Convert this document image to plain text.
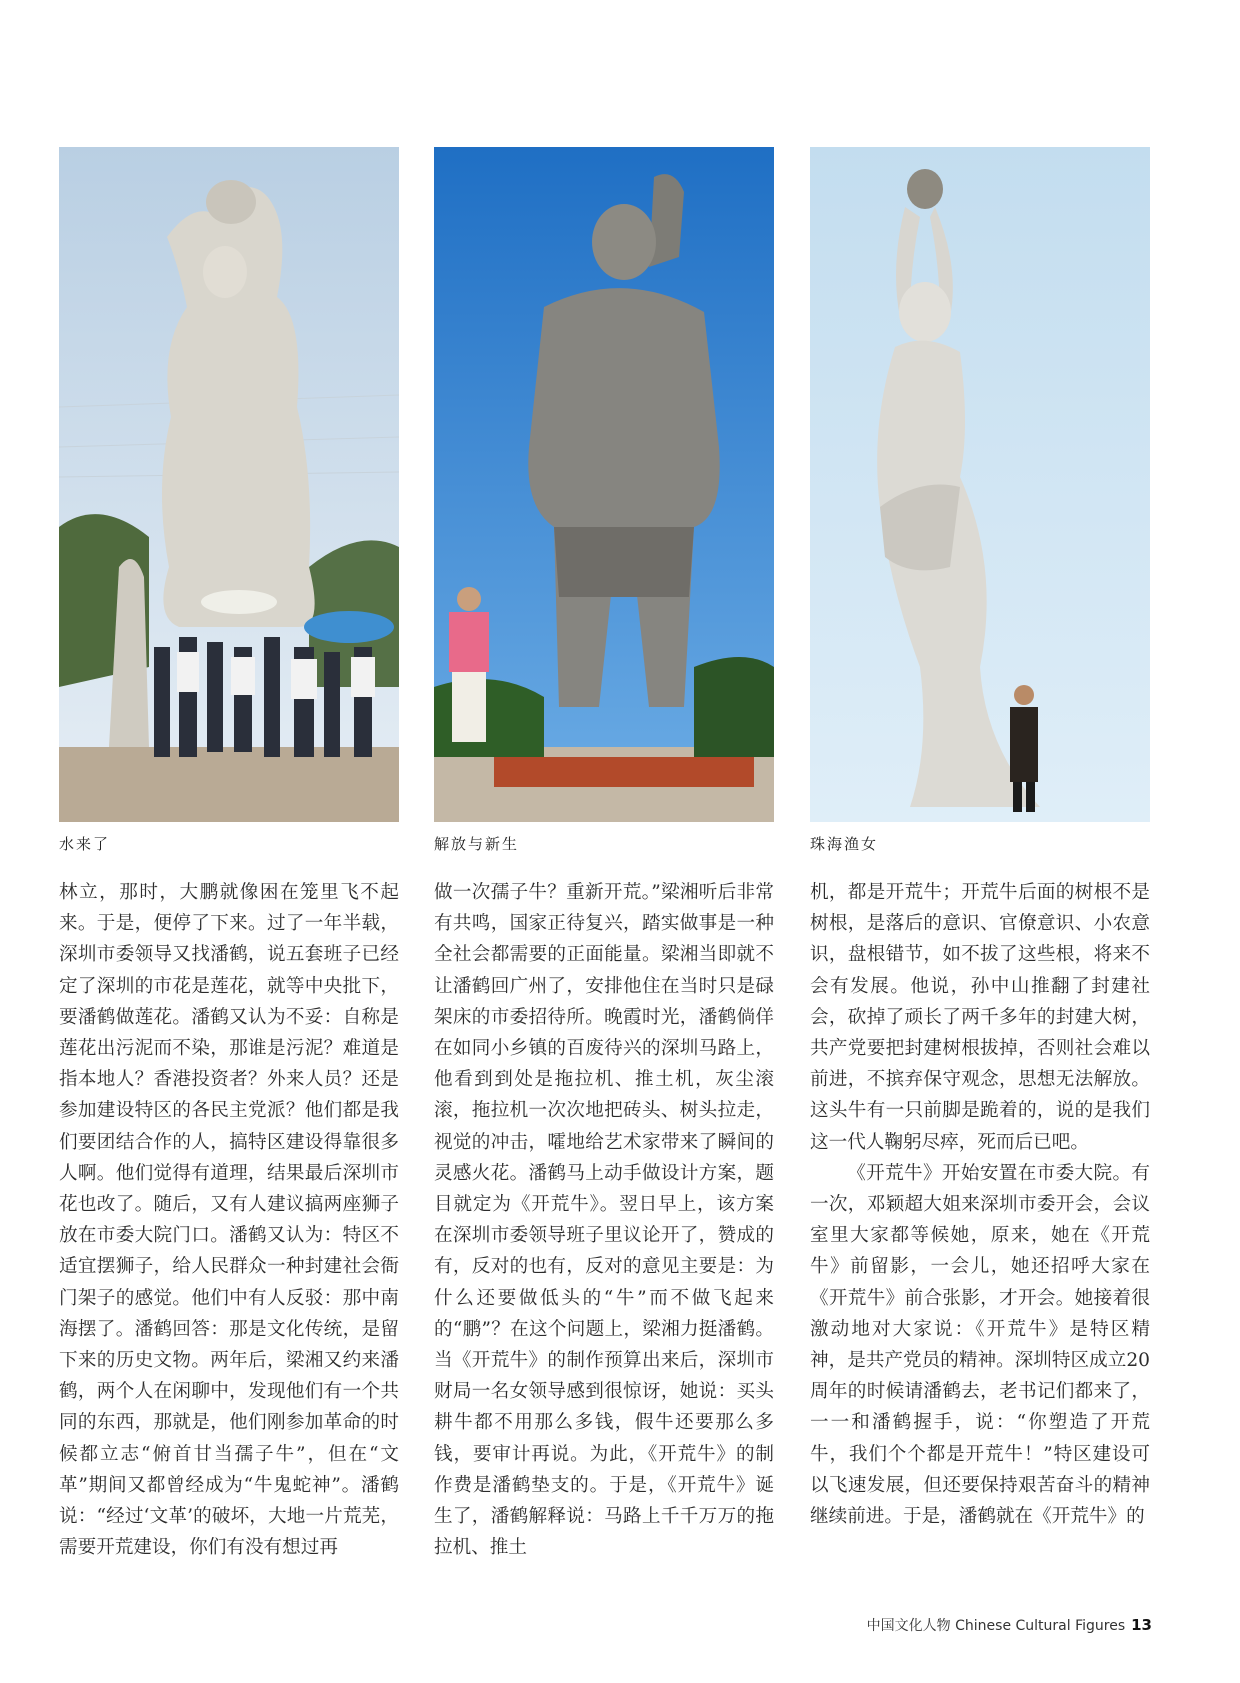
水来了	解放与新生	珠海渔女

林立，那时，大鹏就像困在笼里飞不起来。于是，便停了下来。过了一年半载，深圳市委领导又找潘鹤，说五套班子已经定了深圳的市花是莲花，就等中央批下，要潘鹤做莲花。潘鹤又认为不妥：自称是莲花出污泥而不染，那谁是污泥？难道是指本地人？香港投资者？外来人员？还是参加建设特区的各民主党派？他们都是我们要团结合作的人，搞特区建设得靠很多人啊。他们觉得有道理，结果最后深圳市花也改了。随后，又有人建议搞两座狮子放在市委大院门口。潘鹤又认为：特区不适宜摆狮子，给人民群众一种封建社会衙门架子的感觉。他们中有人反驳：那中南海摆了。潘鹤回答：那是文化传统，是留下来的历史文物。两年后，梁湘又约来潘鹤，两个人在闲聊中，发现他们有一个共同的东西，那就是，他们刚参加革命的时候都立志“俯首甘当孺子牛”，但在“文革”期间又都曾经成为“牛鬼蛇神”。潘鹤说：“经过‘文革’的破坏，大地一片荒芜，需要开荒建设，你们有没有想过再

做一次孺子牛？重新开荒。”梁湘听后非常有共鸣，国家正待复兴，踏实做事是一种全社会都需要的正面能量。梁湘当即就不让潘鹤回广州了，安排他住在当时只是碌架床的市委招待所。晚霞时光，潘鹤倘佯在如同小乡镇的百废待兴的深圳马路上，他看到到处是拖拉机、推土机，灰尘滚滚，拖拉机一次次地把砖头、树头拉走，视觉的冲击，嚯地给艺术家带来了瞬间的灵感火花。潘鹤马上动手做设计方案，题目就定为《开荒牛》。翌日早上，该方案在深圳市委领导班子里议论开了，赞成的有，反对的也有，反对的意见主要是：为什么还要做低头的“牛”而不做飞起来的“鹏”？在这个问题上，梁湘力挺潘鹤。当《开荒牛》的制作预算出来后，深圳市财局一名女领导感到很惊讶，她说：买头耕牛都不用那么多钱，假牛还要那么多钱，要审计再说。为此，《开荒牛》的制作费是潘鹤垫支的。于是，《开荒牛》诞生了，潘鹤解释说：马路上千千万万的拖拉机、推土

机，都是开荒牛；开荒牛后面的树根不是树根，是落后的意识、官僚意识、小农意识，盘根错节，如不拔了这些根，将来不会有发展。他说，孙中山推翻了封建社会，砍掉了顽长了两千多年的封建大树，共产党要把封建树根拔掉，否则社会难以前进，不摈弃保守观念，思想无法解放。这头牛有一只前脚是跪着的，说的是我们这一代人鞠躬尽瘁，死而后已吧。

《开荒牛》开始安置在市委大院。有一次，邓颖超大姐来深圳市委开会，会议室里大家都等候她，原来，她在《开荒牛》前留影，一会儿，她还招呼大家在《开荒牛》前合张影，才开会。她接着很激动地对大家说：《开荒牛》是特区精神，是共产党员的精神。深圳特区成立20周年的时候请潘鹤去，老书记们都来了，一一和潘鹤握手，说：“你塑造了开荒牛，我们个个都是开荒牛！”特区建设可以飞速发展，但还要保持艰苦奋斗的精神继续前进。于是，潘鹤就在《开荒牛》的

中国文化人物 Chinese Cultural Figures 13
